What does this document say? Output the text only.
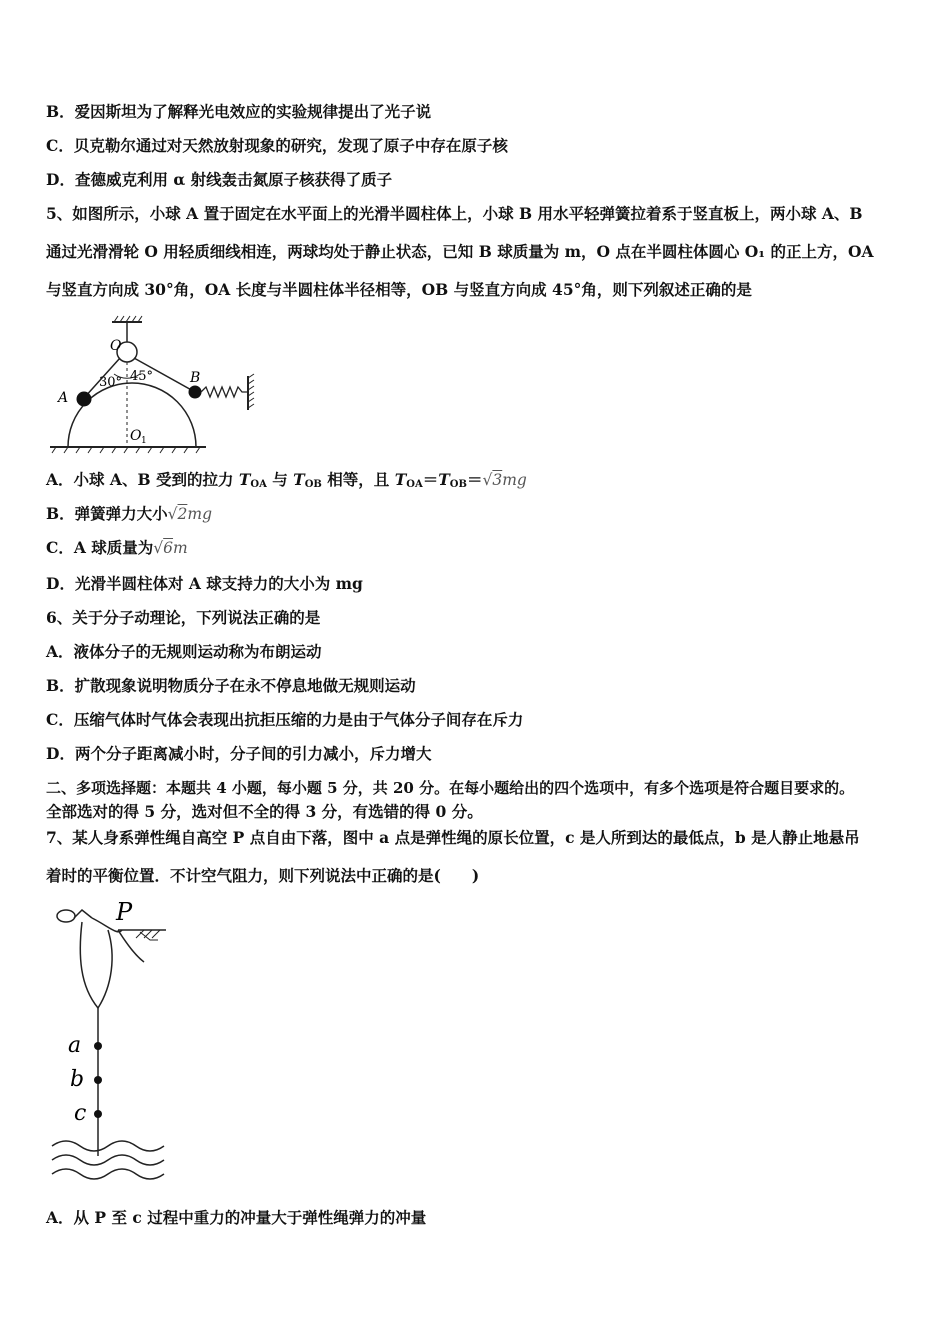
B．爱因斯坦为了解释光电效应的实验规律提出了光子说
C．贝克勒尔通过对天然放射现象的研究，发现了原子中存在原子核
D．查德威克利用 α 射线轰击氮原子核获得了质子
5、如图所示，小球 A 置于固定在水平面上的光滑半圆柱体上，小球 B 用水平轻弹簧拉着系于竖直板上，两小球 A、B
通过光滑滑轮 O 用轻质细线相连，两球均处于静止状态，已知 B 球质量为 m，O 点在半圆柱体圆心 O₁ 的正上方，OA
与竖直方向成 30°角，OA 长度与半圆柱体半径相等，OB 与竖直方向成 45°角，则下列叙述正确的是
O
A
B
30° 45°
O 1
A．小球 A、B 受到的拉力 $T_{OA}$ 与 $T_{OB}$ 相等，且 $T_{OA}=T_{OB}=√3mg$
B．弹簧弹力大小√2mg
C．A 球质量为√6m
D．光滑半圆柱体对 A 球支持力的大小为 mg
6、关于分子动理论，下列说法正确的是
A．液体分子的无规则运动称为布朗运动
B．扩散现象说明物质分子在永不停息地做无规则运动
C．压缩气体时气体会表现出抗拒压缩的力是由于气体分子间存在斥力
D．两个分子距离减小时，分子间的引力减小，斥力增大
二、多项选择题：本题共 4 小题，每小题 5 分，共 20 分。在每小题给出的四个选项中，有多个选项是符合题目要求的。
全部选对的得 5 分，选对但不全的得 3 分，有选错的得 0 分。
7、某人身系弹性绳自高空 P 点自由下落，图中 a 点是弹性绳的原长位置，c 是人所到达的最低点，b 是人静止地悬吊
着时的平衡位置．不计空气阻力，则下列说法中正确的是(　　)
P
a
b
c
A．从 P 至 c 过程中重力的冲量大于弹性绳弹力的冲量
